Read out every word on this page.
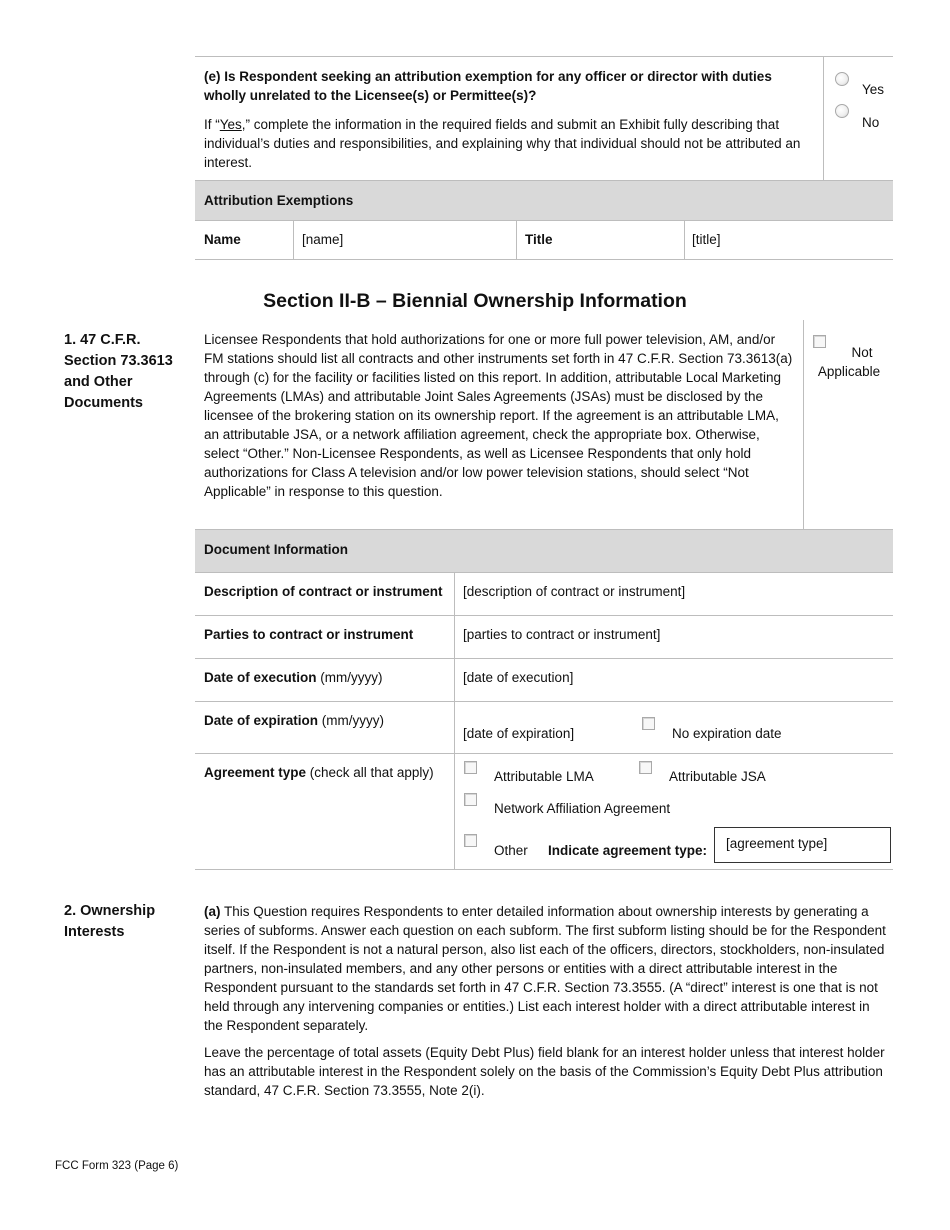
(e) Is Respondent seeking an attribution exemption for any officer or director with duties wholly unrelated to the Licensee(s) or Permittee(s)?
If “Yes,” complete the information in the required fields and submit an Exhibit fully describing that individual’s duties and responsibilities, and explaining why that individual should not be attributed an interest.
Yes
No
Attribution Exemptions
Name	[name]	Title	[title]
Section II-B – Biennial Ownership Information
1. 47 C.F.R. Section 73.3613 and Other Documents
Licensee Respondents that hold authorizations for one or more full power television, AM, and/or FM stations should list all contracts and other instruments set forth in 47 C.F.R. Section 73.3613(a) through (c) for the facility or facilities listed on this report. In addition, attributable Local Marketing Agreements (LMAs) and attributable Joint Sales Agreements (JSAs) must be disclosed by the licensee of the brokering station on its ownership report. If the agreement is an attributable LMA, an attributable JSA, or a network affiliation agreement, check the appropriate box. Otherwise, select “Other.” Non-Licensee Respondents, as well as Licensee Respondents that only hold authorizations for Class A television and/or low power television stations, should select “Not Applicable” in response to this question.
Not Applicable
Document Information
Description of contract or instrument [description of contract or instrument]
Parties to contract or instrument	[parties to contract or instrument]
Date of execution (mm/yyyy)	[date of execution]
Date of expiration (mm/yyyy)
[date of expiration]	No expiration date
Agreement type (check all that apply)	Attributable LMA	Attributable JSA
Network Affiliation Agreement
Other Indicate agreement type: [agreement type]
2. Ownership Interests
(a) This Question requires Respondents to enter detailed information about ownership interests by generating a series of subforms. Answer each question on each subform. The first subform listing should be for the Respondent itself. If the Respondent is not a natural person, also list each of the officers, directors, stockholders, non-insulated partners, non-insulated members, and any other persons or entities with a direct attributable interest in the Respondent pursuant to the standards set forth in 47 C.F.R. Section 73.3555. (A “direct” interest is one that is not held through any intervening companies or entities.) List each interest holder with a direct attributable interest in the Respondent separately.
Leave the percentage of total assets (Equity Debt Plus) field blank for an interest holder unless that interest holder has an attributable interest in the Respondent solely on the basis of the Commission’s Equity Debt Plus attribution standard, 47 C.F.R. Section 73.3555, Note 2(i).
FCC Form 323 (Page 6)
